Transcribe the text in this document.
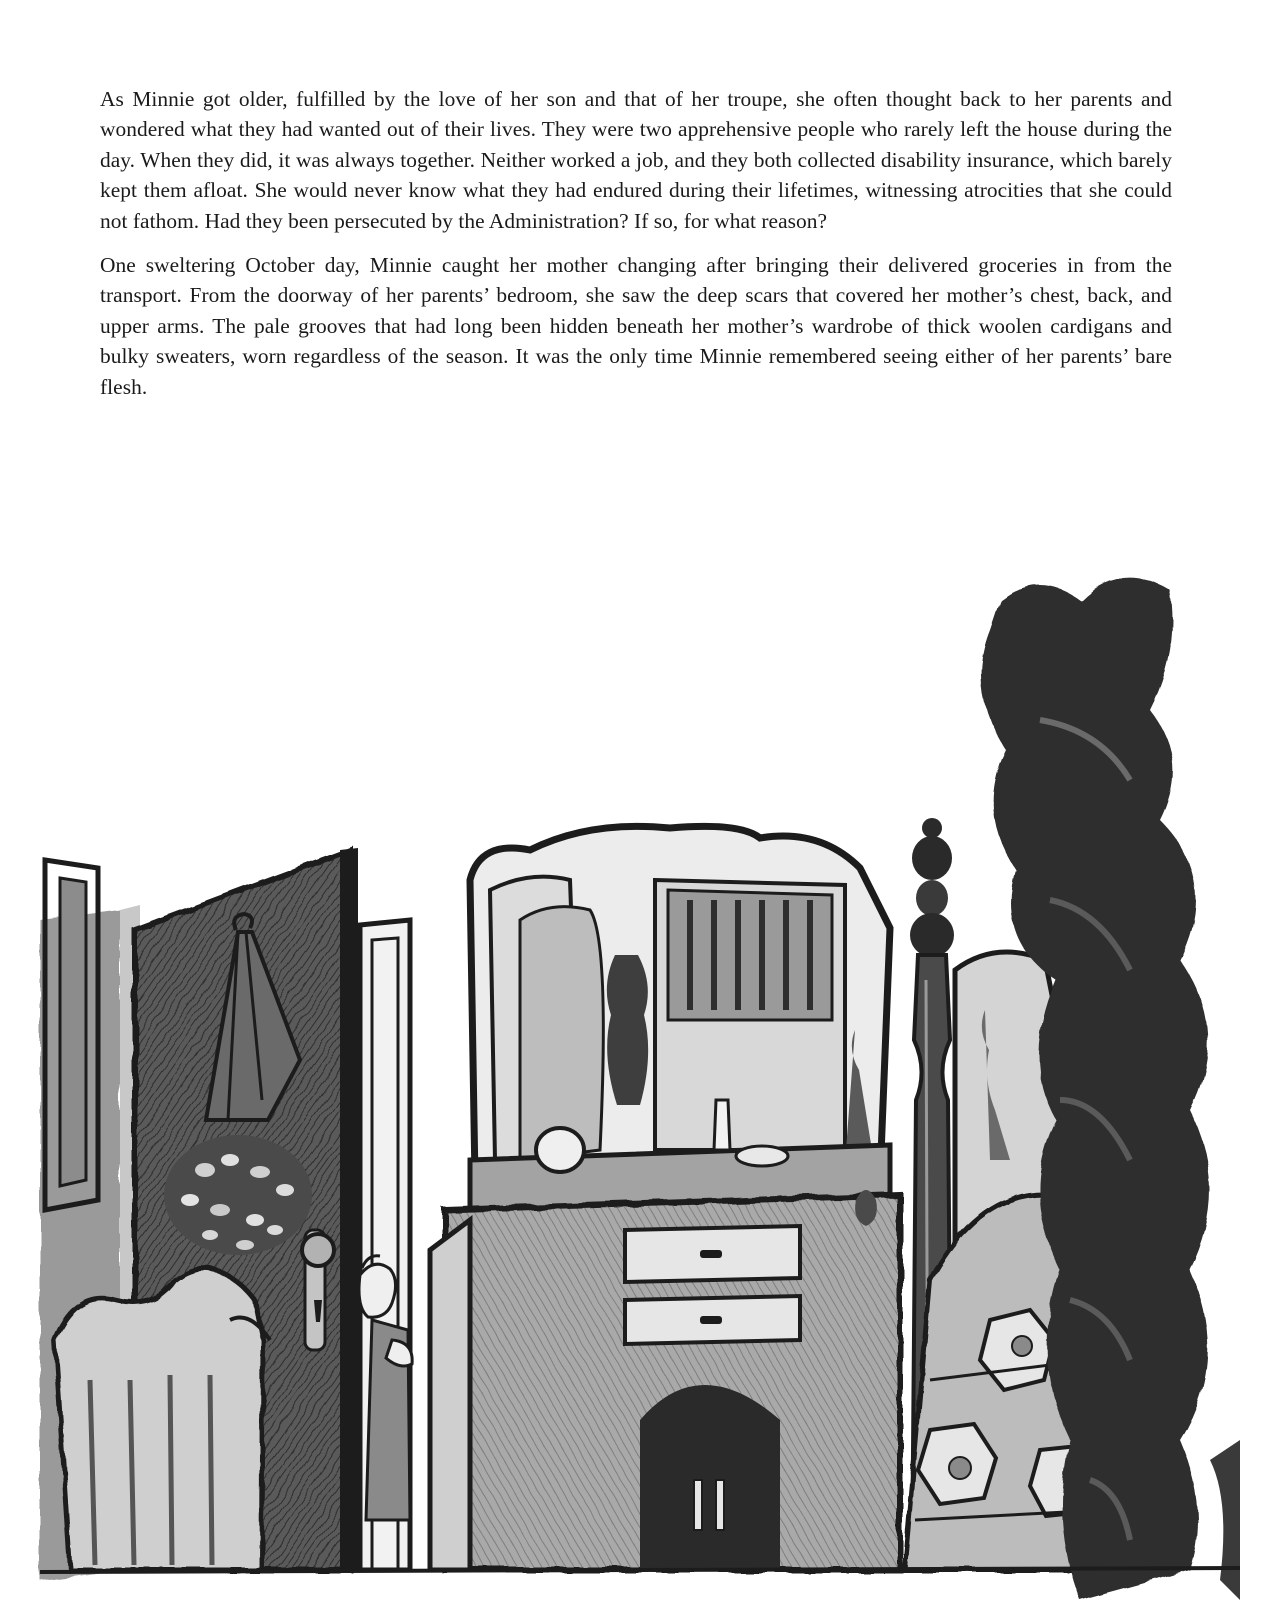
As Minnie got older, fulfilled by the love of her son and that of her troupe, she often thought back to her parents and wondered what they had wanted out of their lives. They were two apprehensive people who rarely left the house during the day. When they did, it was always together. Neither worked a job, and they both collected disability insurance, which barely kept them afloat. She would never know what they had endured during their lifetimes, witnessing atrocities that she could not fathom. Had they been persecuted by the Administration? If so, for what reason?

One sweltering October day, Minnie caught her mother changing after bringing their delivered groceries in from the transport. From the doorway of her parents’ bedroom, she saw the deep scars that covered her mother’s chest, back, and upper arms. The pale grooves that had long been hidden beneath her mother’s wardrobe of thick woolen cardigans and bulky sweaters, worn regardless of the season. It was the only time Minnie remembered seeing either of her parents’ bare flesh.
